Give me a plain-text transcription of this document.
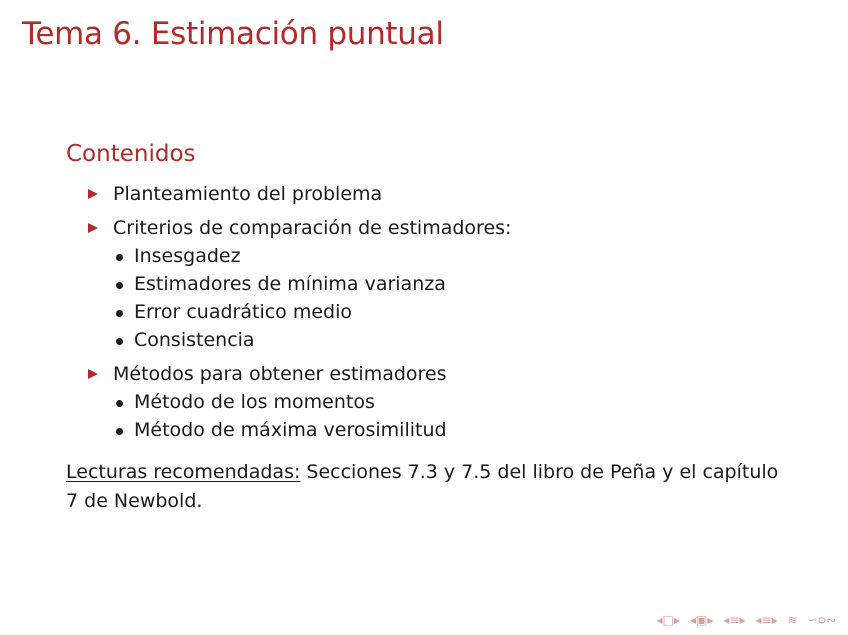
Tema 6. Estimación puntual
Contenidos
Planteamiento del problema
Criterios de comparación de estimadores:
Insesgadez
Estimadores de mínima varianza
Error cuadrático medio
Consistencia
Métodos para obtener estimadores
Método de los momentos
Método de máxima verosimilitud
Lecturas recomendadas: Secciones 7.3 y 7.5 del libro de Peña y el capítulo 7 de Newbold.
◂□▸ ◂▣▸ ◂≡▸ ◂≡▸ ≋ ∽ᴑ∾
